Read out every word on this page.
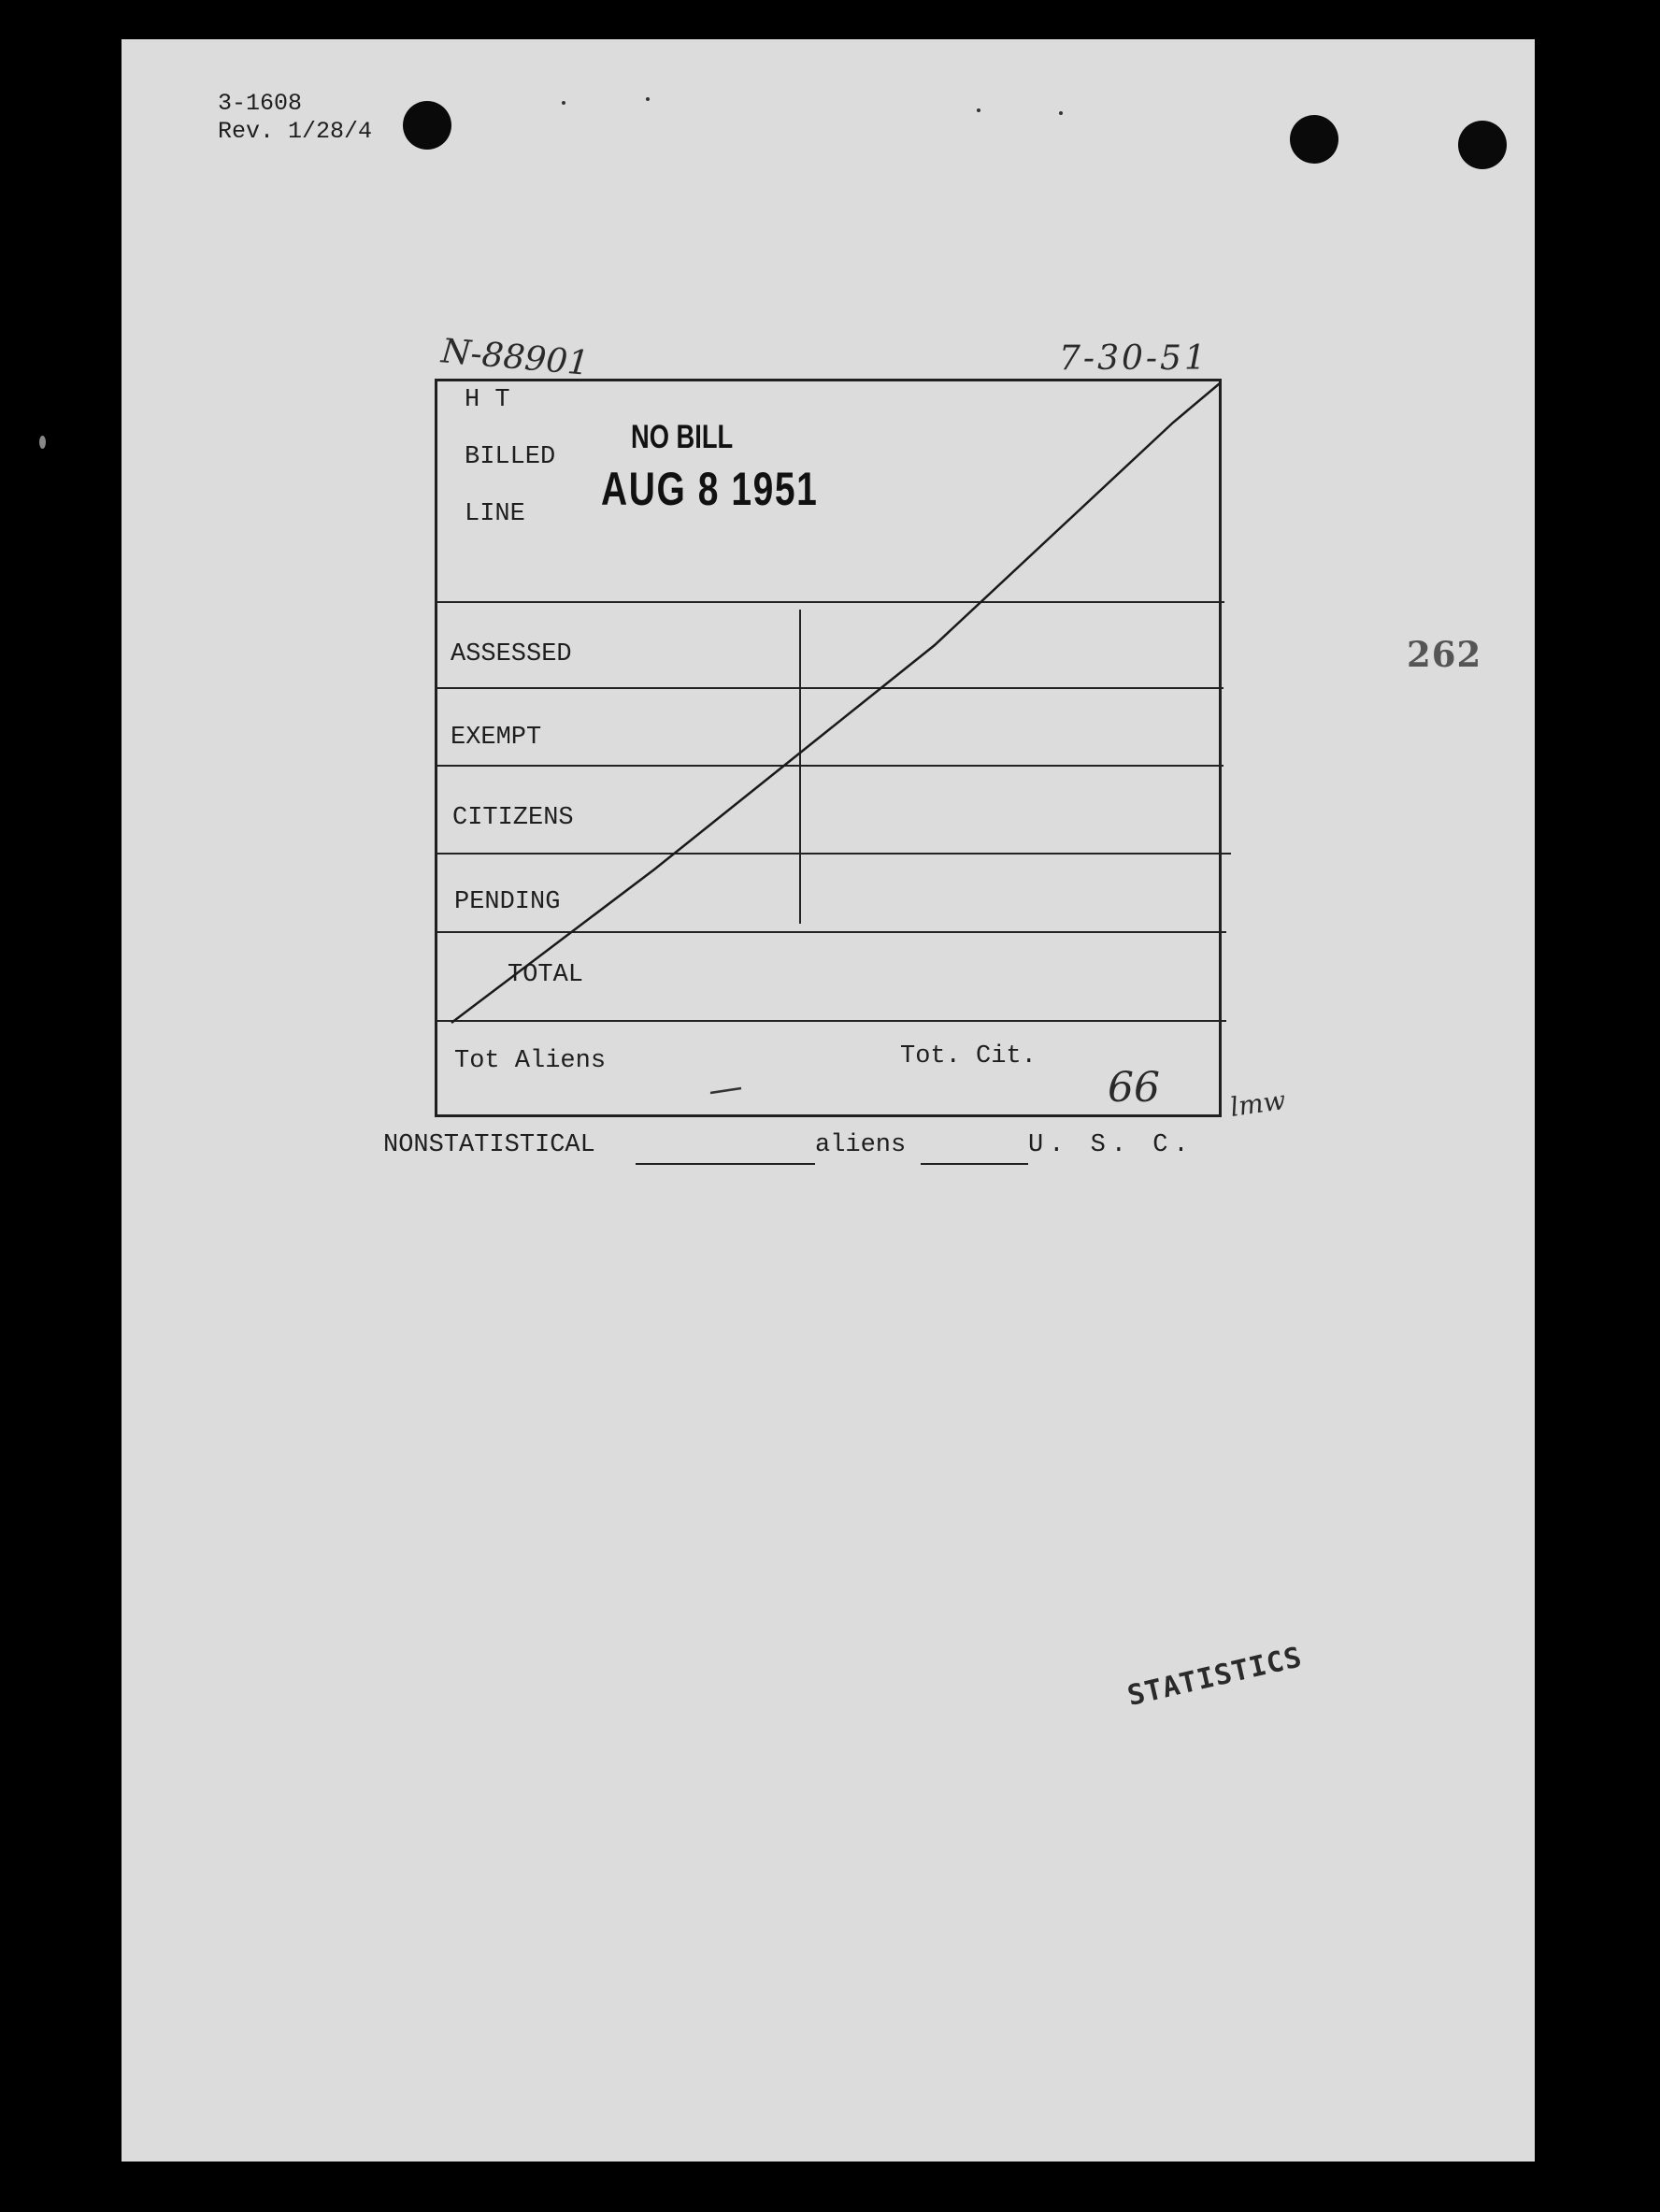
3-1608
Rev. 1/28/4
N-88901	7-30-51
262
H T
BILLED
LINE
ASSESSED
EXEMPT
CITIZENS
PENDING
TOTAL
Tot Aliens	Tot. Cit.
NO BILL
AUG 8 1951
66	lmw
NONSTATISTICAL	aliens	U. S. C.
STATISTICS
